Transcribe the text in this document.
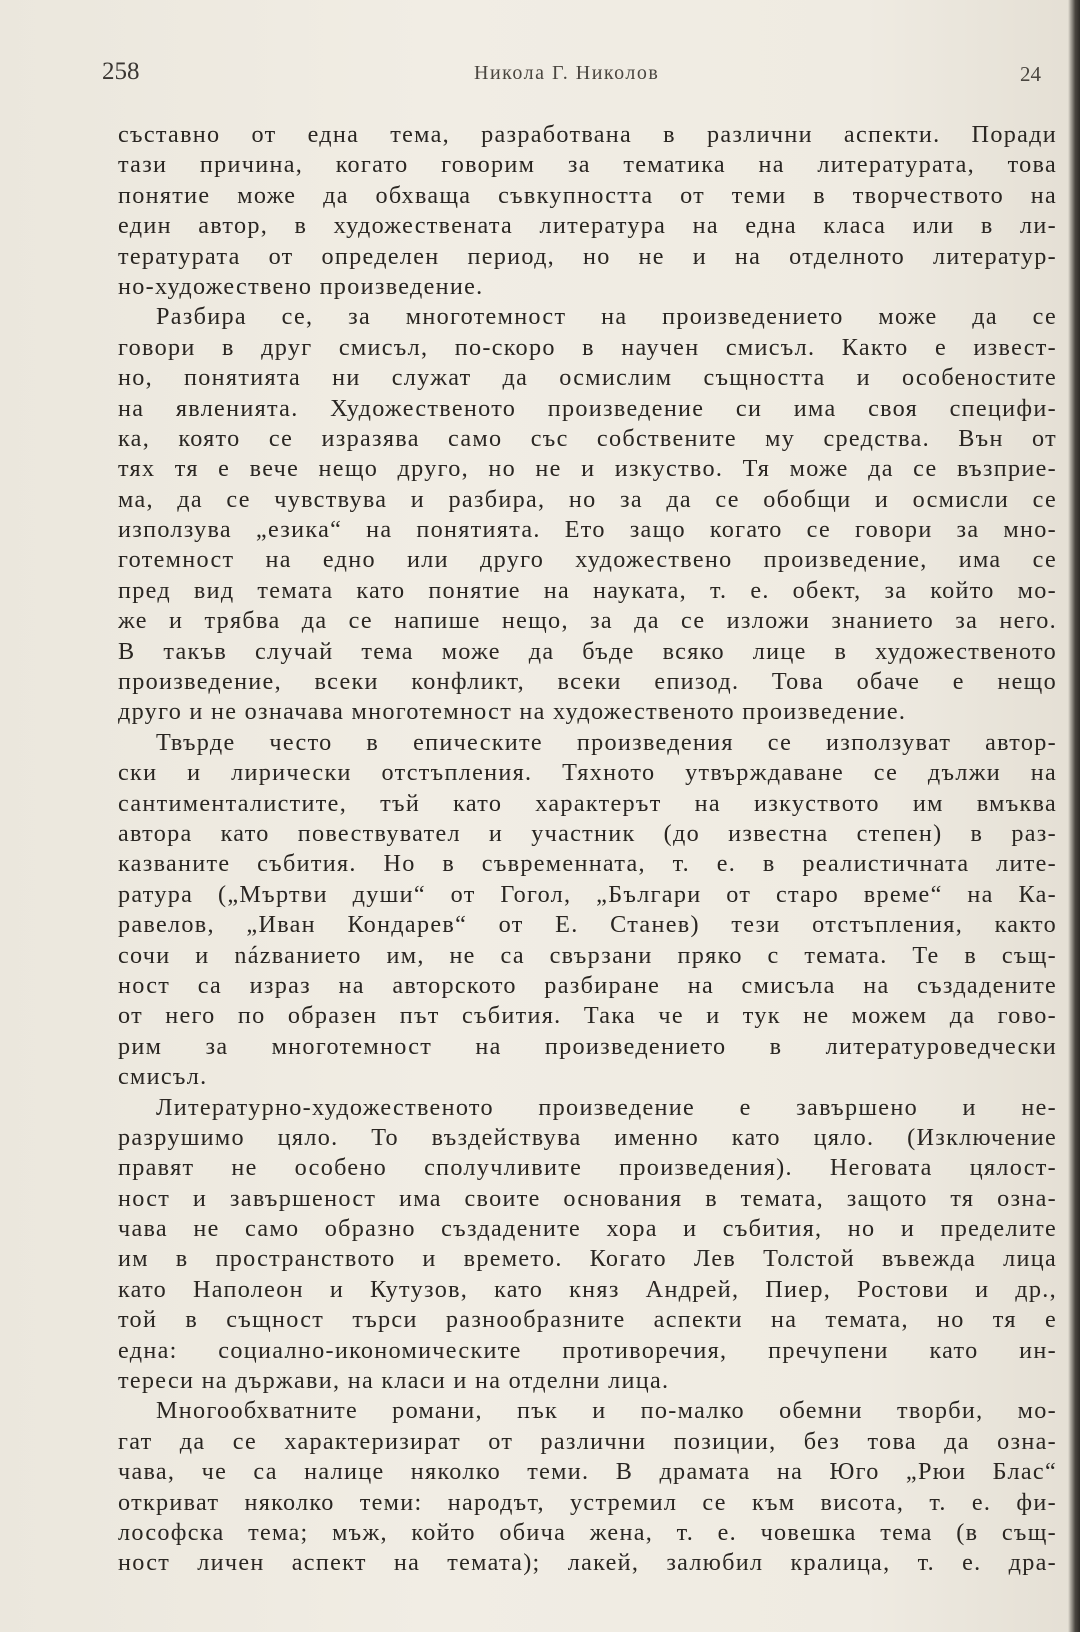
258	Никола Г. Николов	24
съставно от една тема, разработвана в различни аспекти. Поради
тази причина, когато говорим за тематика на литературата, това
понятие може да обхваща съвкупността от теми в творчеството на
един автор, в художествената литература на една класа или в ли-
тературата от определен период, но не и на отделното литератур-
но-художествено произведение.
Разбира се, за многотемност на произведението може да се
говори в друг смисъл, по-скоро в научен смисъл. Както е извест-
но, понятията ни служат да осмислим същността и особеностите
на явленията. Художественото произведение си има своя специфи-
ка, която се изразява само със собствените му средства. Вън от
тях тя е вече нещо друго, но не и изкуство. Тя може да се възприе-
ма, да се чувствува и разбира, но за да се обобщи и осмисли се
използува „езика“ на понятията. Ето защо когато се говори за мно-
готемност на едно или друго художествено произведение, има се
пред вид темата като понятие на науката, т. е. обект, за който мо-
же и трябва да се напише нещо, за да се изложи знанието за него.
В такъв случай тема може да бъде всяко лице в художественото
произведение, всеки конфликт, всеки епизод. Това обаче е нещо
друго и не означава многотемност на художественото произведение.
Твърде често в епическите произведения се използуват автор-
ски и лирически отстъпления. Тяхното утвърждаване се дължи на
сантименталистите, тъй като характерът на изкуството им вмъква
автора като повествувател и участник (до известна степен) в раз-
казваните събития. Но в съвременната, т. е. в реалистичната лите-
ратура („Мъртви души“ от Гогол, „Българи от старо време“ на Ка-
равелов, „Иван Кондарев“ от Е. Станев) тези отстъпления, както
сочи и názванието им, не са свързани пряко с темата. Те в същ-
ност са израз на авторското разбиране на смисъла на създадените
от него по образен път събития. Така че и тук не можем да гово-
рим за многотемност на произведението в литературоведчески
смисъл.
Литературно-художественото произведение е завършено и не-
разрушимо цяло. То въздействува именно като цяло. (Изключение
правят не особено сполучливите произведения). Неговата цялост-
ност и завършеност има своите основания в темата, защото тя озна-
чава не само образно създадените хора и събития, но и пределите
им в пространството и времето. Когато Лев Толстой въвежда лица
като Наполеон и Кутузов, като княз Андрей, Пиер, Ростови и др.,
той в същност търси разнообразните аспекти на темата, но тя е
една: социално-икономическите противоречия, пречупени като ин-
тереси на държави, на класи и на отделни лица.
Многообхватните романи, пък и по-малко обемни творби, мо-
гат да се характеризират от различни позиции, без това да озна-
чава, че са налице няколко теми. В драмата на Юго „Рюи Блас“
откриват няколко теми: народът, устремил се към висота, т. е. фи-
лософска тема; мъж, който обича жена, т. е. човешка тема (в същ-
ност личен аспект на темата); лакей, залюбил кралица, т. е. дра-
